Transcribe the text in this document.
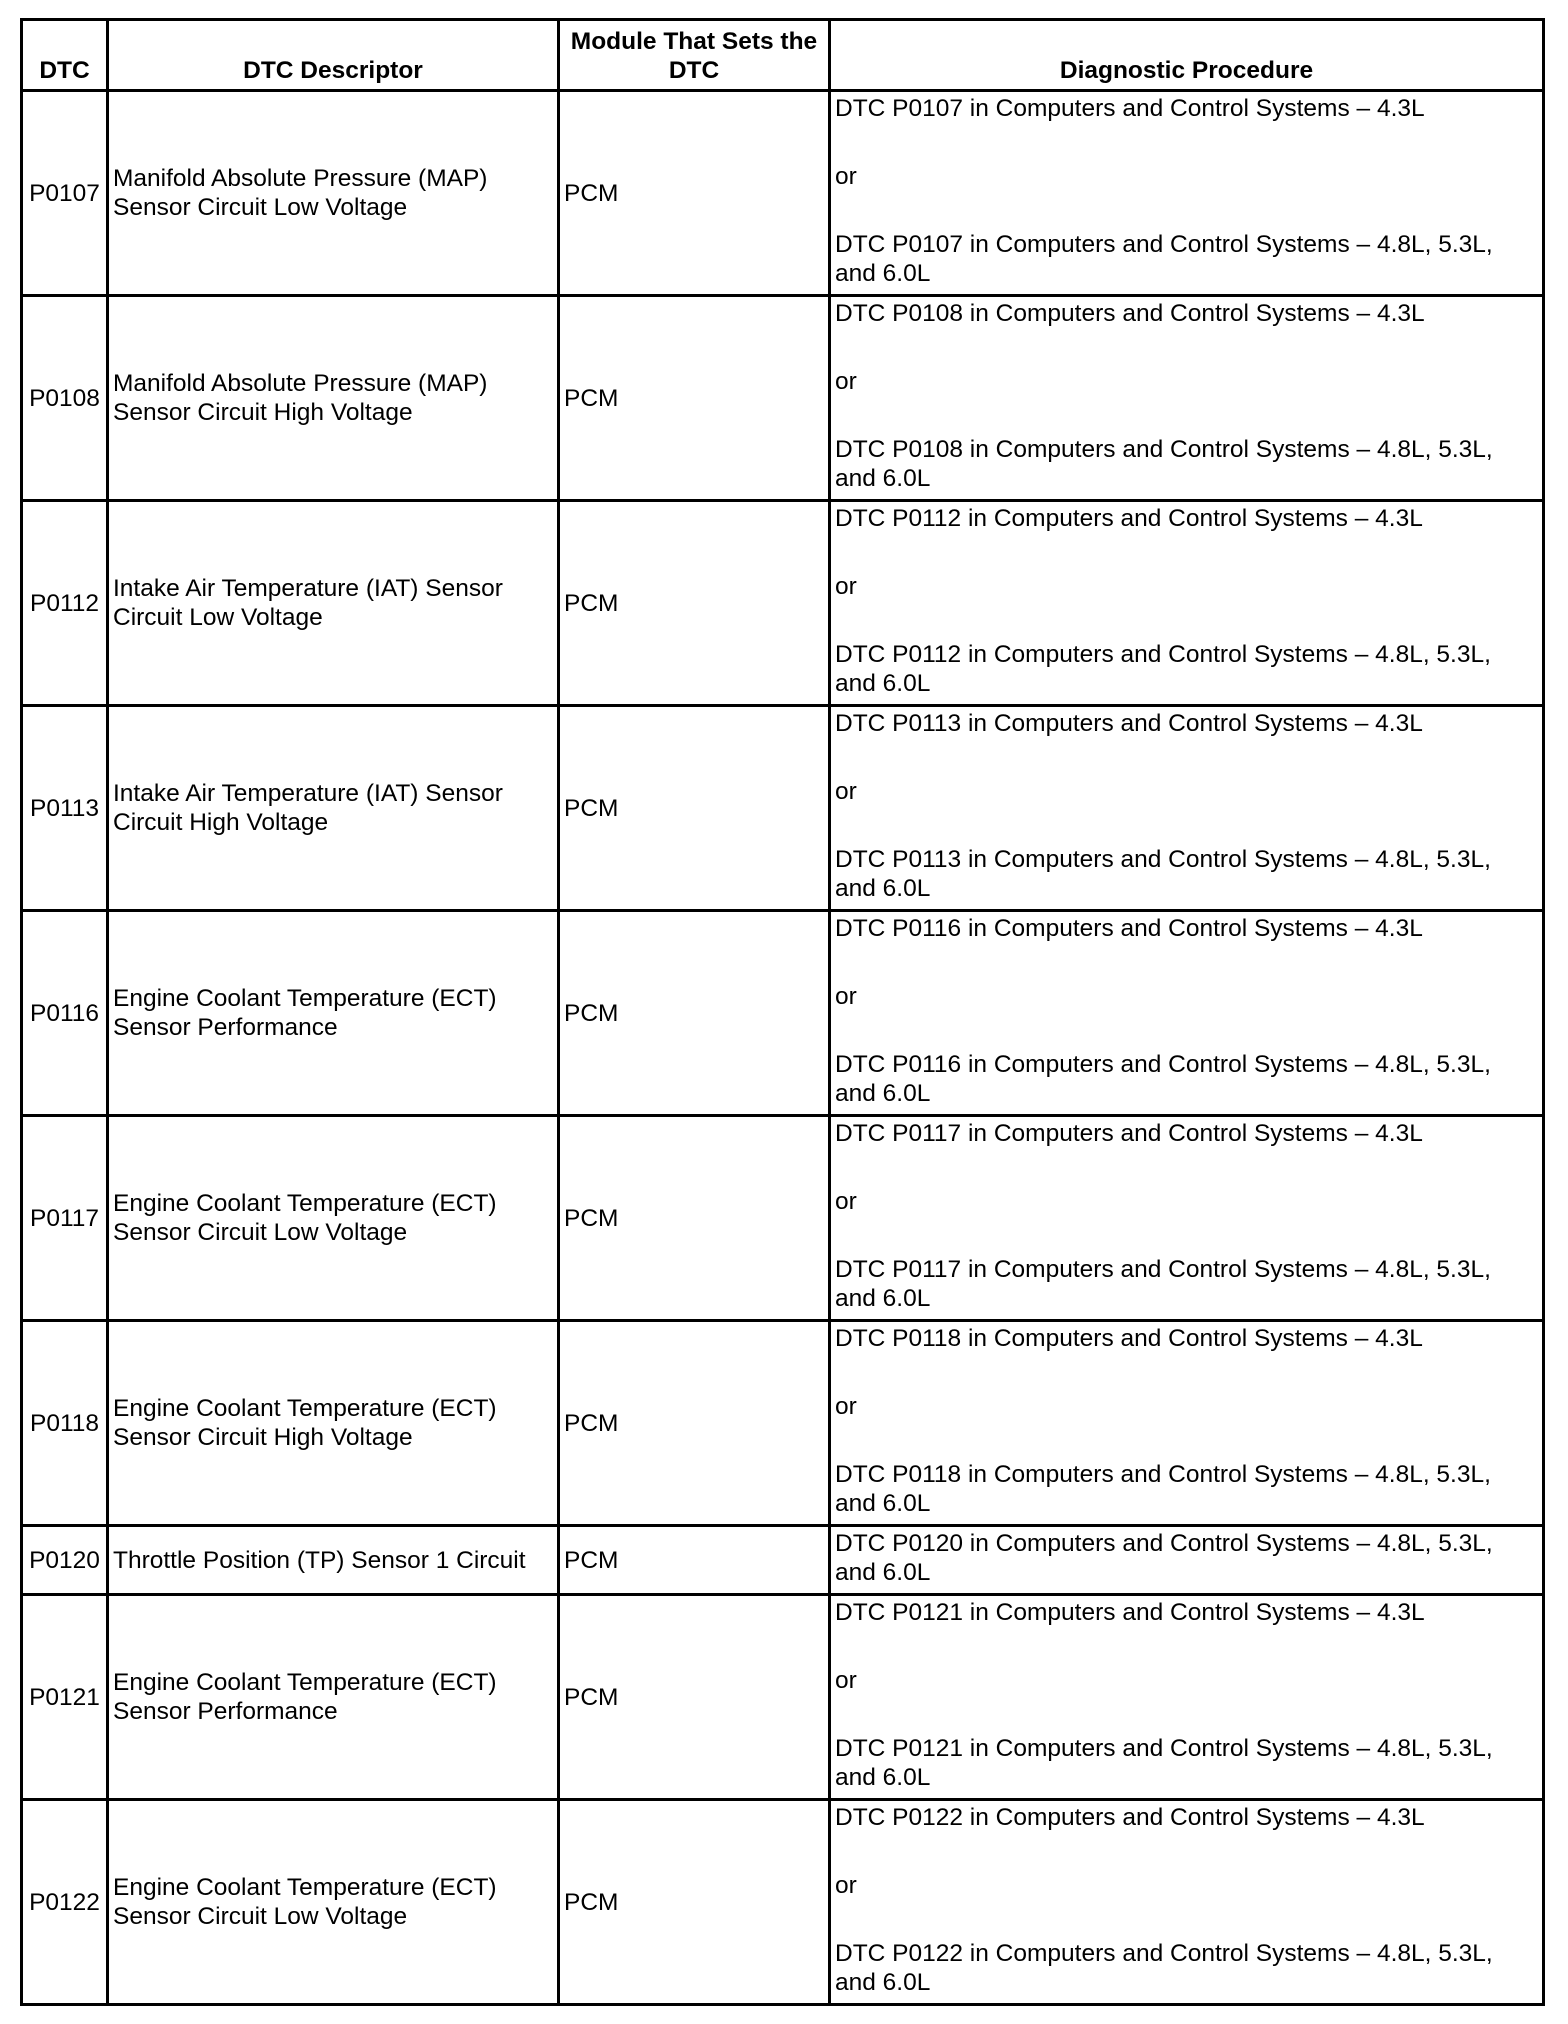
DTC	DTC Descriptor	Module That Sets the DTC	Diagnostic Procedure
P0107	Manifold Absolute Pressure (MAP) Sensor Circuit Low Voltage	PCM	DTC P0107 in Computers and Control Systems – 4.3L
or
DTC P0107 in Computers and Control Systems – 4.8L, 5.3L, and 6.0L

P0108	Manifold Absolute Pressure (MAP) Sensor Circuit High Voltage	PCM	DTC P0108 in Computers and Control Systems – 4.3L
or
DTC P0108 in Computers and Control Systems – 4.8L, 5.3L, and 6.0L

P0112	Intake Air Temperature (IAT) Sensor Circuit Low Voltage	PCM	DTC P0112 in Computers and Control Systems – 4.3L
or
DTC P0112 in Computers and Control Systems – 4.8L, 5.3L, and 6.0L

P0113	Intake Air Temperature (IAT) Sensor Circuit High Voltage	PCM	DTC P0113 in Computers and Control Systems – 4.3L
or
DTC P0113 in Computers and Control Systems – 4.8L, 5.3L, and 6.0L

P0116	Engine Coolant Temperature (ECT) Sensor Performance	PCM	DTC P0116 in Computers and Control Systems – 4.3L
or
DTC P0116 in Computers and Control Systems – 4.8L, 5.3L, and 6.0L

P0117	Engine Coolant Temperature (ECT) Sensor Circuit Low Voltage	PCM	DTC P0117 in Computers and Control Systems – 4.3L
or
DTC P0117 in Computers and Control Systems – 4.8L, 5.3L, and 6.0L

P0118	Engine Coolant Temperature (ECT) Sensor Circuit High Voltage	PCM	DTC P0118 in Computers and Control Systems – 4.3L
or
DTC P0118 in Computers and Control Systems – 4.8L, 5.3L, and 6.0L

P0120	Throttle Position (TP) Sensor 1 Circuit	PCM	DTC P0120 in Computers and Control Systems – 4.8L, 5.3L, and 6.0L

P0121	Engine Coolant Temperature (ECT) Sensor Performance	PCM	DTC P0121 in Computers and Control Systems – 4.3L
or
DTC P0121 in Computers and Control Systems – 4.8L, 5.3L, and 6.0L

P0122	Engine Coolant Temperature (ECT) Sensor Circuit Low Voltage	PCM	DTC P0122 in Computers and Control Systems – 4.3L
or
DTC P0122 in Computers and Control Systems – 4.8L, 5.3L, and 6.0L
